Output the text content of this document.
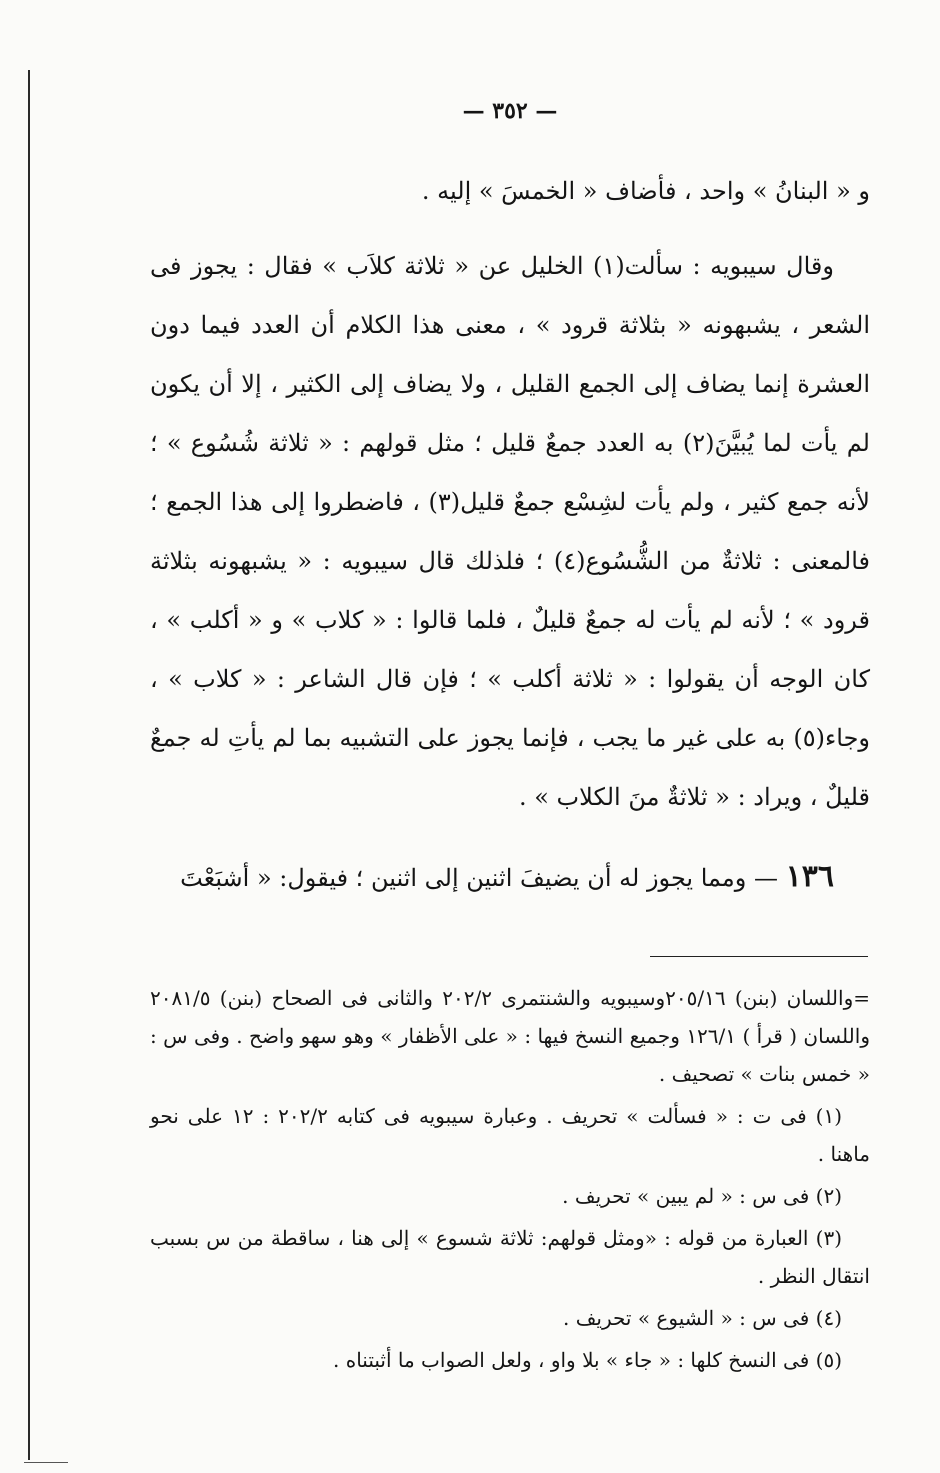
— ٣٥٢ —

و « البنانُ » واحد ، فأضاف « الخمسَ » إليه .

وقال سيبويه : سألت(١) الخليل عن « ثلاثة كلاَب » فقال : يجوز فى الشعر ، يشبهونه « بثلاثة قرود » ، معنى هذا الكلام أن العدد فيما دون العشرة إنما يضاف إلى الجمع القليل ، ولا يضاف إلى الكثير ، إلا أن يكون لم يأت لما يُبيَّنَ(٢) به العدد جمعٌ قليل ؛ مثل قولهم : « ثلاثة شُسُوع » ؛ لأنه جمع كثير ، ولم يأت لشِسْع جمعٌ قليل(٣) ، فاضطروا إلى هذا الجمع ؛ فالمعنى : ثلاثةٌ من الشُّسُوع(٤) ؛ فلذلك قال سيبويه : « يشبهونه بثلاثة قرود » ؛ لأنه لم يأت له جمعٌ قليلٌ ، فلما قالوا : « كلاب » و « أكلب » ، كان الوجه أن يقولوا : « ثلاثة أكلب » ؛ فإن قال الشاعر : « كلاب » ، وجاء(٥) به على غير ما يجب ، فإنما يجوز على التشبيه بما لم يأتِ له جمعٌ قليلٌ ، ويراد : « ثلاثةٌ منَ الكلاب » .

١٣٦ — ومما يجوز له أن يضيفَ اثنين إلى اثنين ؛ فيقول: « أشبَعْتَ

=واللسان (بنن) ٢٠٥/١٦وسيبويه والشنتمرى ٢٠٢/٢ والثانى فى الصحاح (بنن) ٢٠٨١/٥ واللسان ( قرأ ) ١٢٦/١ وجميع النسخ فيها : « على الأظفار » وهو سهو واضح . وفى س : « خمس بنات » تصحيف .

(١) فى ت : « فسألت » تحريف . وعبارة سيبويه فى كتابه ٢٠٢/٢ : ١٢ على نحو ماهنا .

(٢) فى س : « لم يبين » تحريف .

(٣) العبارة من قوله : «ومثل قولهم: ثلاثة شسوع » إلى هنا ، ساقطة من س بسبب انتقال النظر .

(٤) فى س : « الشيوع » تحريف .

(٥) فى النسخ كلها : « جاء » بلا واو ، ولعل الصواب ما أثبتناه .
